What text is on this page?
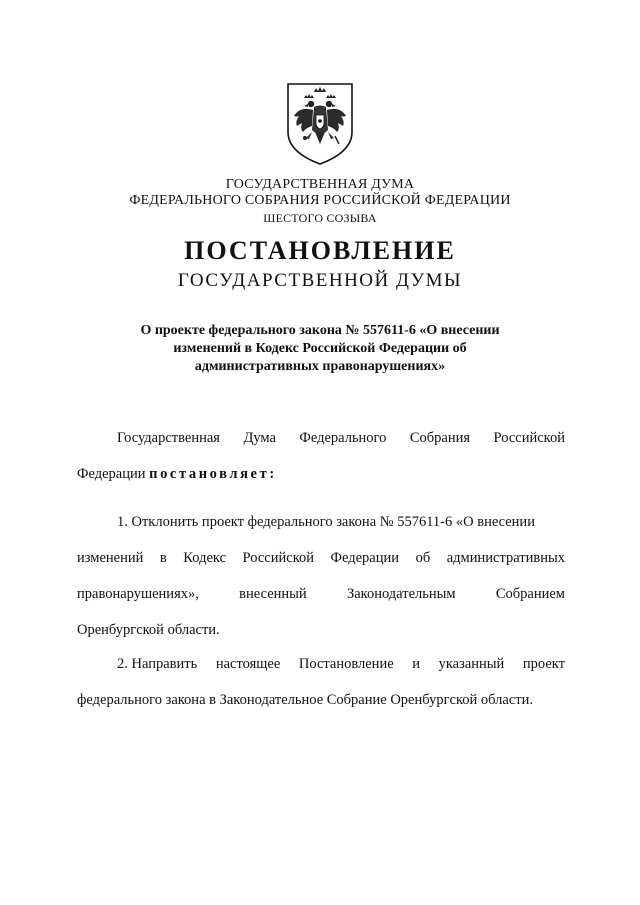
ГОСУДАРСТВЕННАЯ ДУМА
ФЕДЕРАЛЬНОГО СОБРАНИЯ РОССИЙСКОЙ ФЕДЕРАЦИИ
ШЕСТОГО СОЗЫВА
ПОСТАНОВЛЕНИЕ
ГОСУДАРСТВЕННОЙ ДУМЫ
О проекте федерального закона № 557611-6 «О внесении
изменений в Кодекс Российской Федерации об
административных правонарушениях»
Государственная Дума Федерального Собрания Российской
Федерации постановляет:
1. Отклонить проект федерального закона № 557611-6 «О внесении
изменений в Кодекс Российской Федерации об административных
правонарушениях»,	внесенный	Законодательным	Собранием
Оренбургской области.
2. Направить настоящее Постановление и указанный проект
федерального закона в Законодательное Собрание Оренбургской области.
